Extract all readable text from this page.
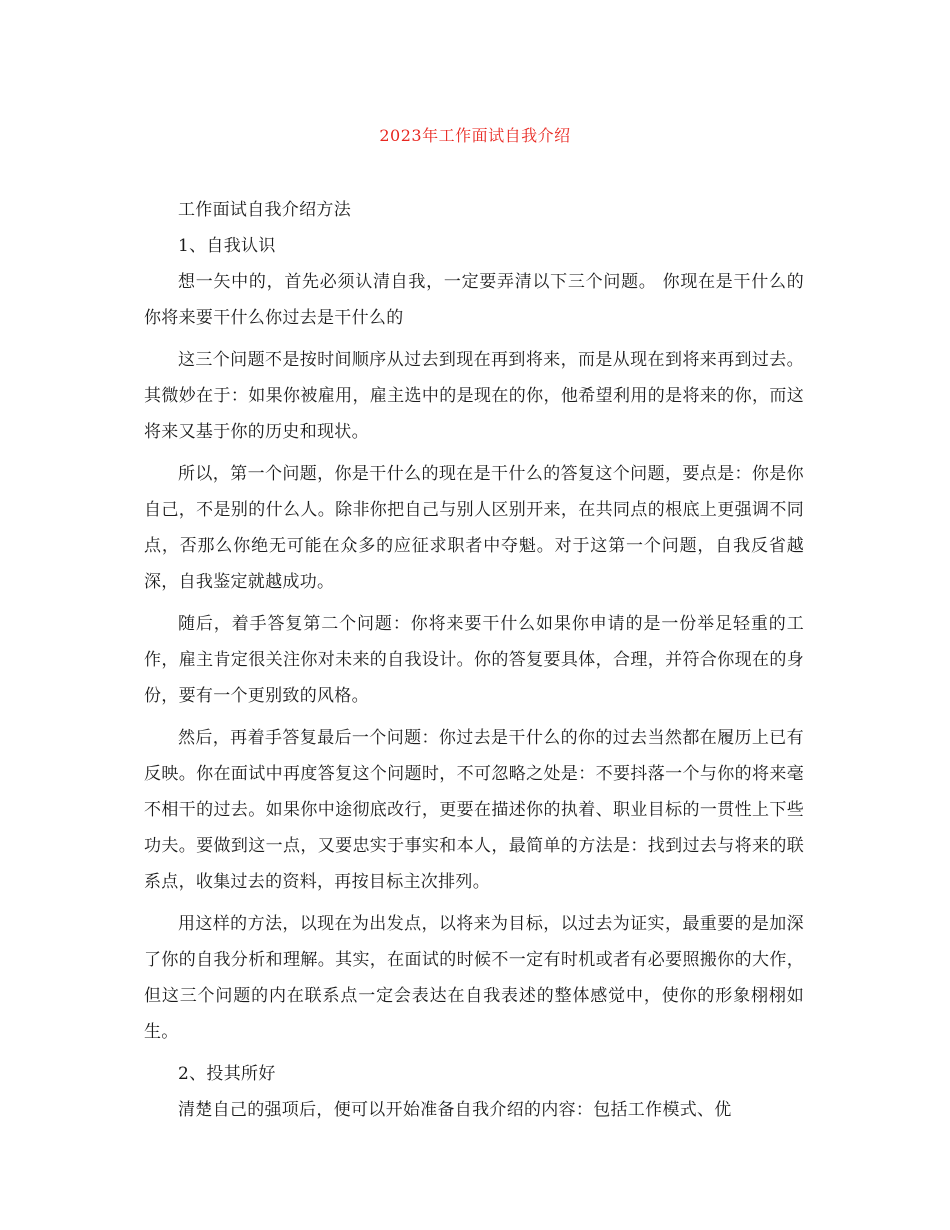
2023年工作面试自我介绍

工作面试自我介绍方法

1、自我认识

想一矢中的，首先必须认清自我，一定要弄清以下三个问题。 你现在是干什么的你将来要干什么你过去是干什么的

这三个问题不是按时间顺序从过去到现在再到将来，而是从现在到将来再到过去。其微妙在于：如果你被雇用，雇主选中的是现在的你，他希望利用的是将来的你，而这将来又基于你的历史和现状。

所以，第一个问题，你是干什么的现在是干什么的答复这个问题，要点是：你是你自己，不是别的什么人。除非你把自己与别人区别开来，在共同点的根底上更强调不同点，否那么你绝无可能在众多的应征求职者中夺魁。对于这第一个问题，自我反省越深，自我鉴定就越成功。

随后，着手答复第二个问题：你将来要干什么如果你申请的是一份举足轻重的工作，雇主肯定很关注你对未来的自我设计。你的答复要具体，合理，并符合你现在的身份，要有一个更别致的风格。

然后，再着手答复最后一个问题：你过去是干什么的你的过去当然都在履历上已有反映。你在面试中再度答复这个问题时，不可忽略之处是：不要抖落一个与你的将来毫不相干的过去。如果你中途彻底改行，更要在描述你的执着、职业目标的一贯性上下些功夫。要做到这一点，又要忠实于事实和本人，最简单的方法是：找到过去与将来的联系点，收集过去的资料，再按目标主次排列。

用这样的方法，以现在为出发点，以将来为目标，以过去为证实，最重要的是加深了你的自我分析和理解。其实，在面试的时候不一定有时机或者有必要照搬你的大作，但这三个问题的内在联系点一定会表达在自我表述的整体感觉中，使你的形象栩栩如生。

2、投其所好

清楚自己的强项后，便可以开始准备自我介绍的内容：包括工作模式、优
